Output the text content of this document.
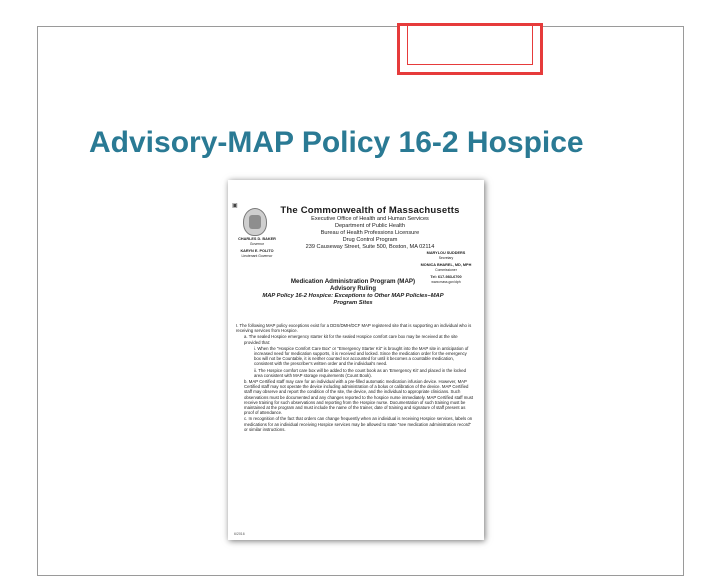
Advisory-MAP Policy 16-2 Hospice
▣	The Commonwealth of Massachusetts
Executive Office of Health and Human Services
Department of Public Health
Bureau of Health Professions Licensure
Drug Control Program
239 Causeway Street, Suite 500, Boston, MA 02114
CHARLES D. BAKER
Governor
KARYN E. POLITO
Lieutenant Governor
MARYLOU SUDDERS
Secretary
MONICA BHAREL, MD, MPH
Commissioner
Tel: 617-983-6700
www.mass.gov/dph
Medication Administration Program (MAP)
Advisory Ruling
MAP Policy 16-2 Hospice: Exceptions to Other MAP Policies–MAP Program Sites

I. The following MAP policy exceptions exist for a DDS/DMH/DCF MAP registered site that is supporting an individual who is receiving services from Hospice.

a. The sealed Hospice emergency starter kit for the sealed Hospice comfort care box may be received at the site provided that:

i. When the "Hospice Comfort Care Box" or "Emergency Starter Kit" is brought into the MAP site in anticipation of increased need for medication supports, it is received and locked. Since the medication order for the emergency box will not be Countable, it is neither counted nor accounted for until it becomes a countable medication, consistent with the prescriber's written order and the individual's need.

ii. The Hospice comfort care box will be added to the count book as an 'Emergency Kit' and placed in the locked area consistent with MAP storage requirements (Count Book).

b. MAP Certified staff may care for an individual with a pre-filled automatic medication infusion device. However, MAP Certified staff may not operate the device including administration of a bolus or calibration of the device. MAP Certified staff may observe and report the condition of the site, the device, and the individual to appropriate clinicians. Such observations must be documented and any changes reported to the hospice nurse immediately. MAP Certified staff must receive training for such observations and reporting from the Hospice nurse. Documentation of such training must be maintained at the program and must include the name of the trainer, date of training and signature of staff present as proof of attendance.

c. In recognition of the fact that orders can change frequently when an individual is receiving Hospice services, labels on medications for an individual receiving Hospice services may be allowed to state "see medication administration record" or similar instructions.

6/2016
